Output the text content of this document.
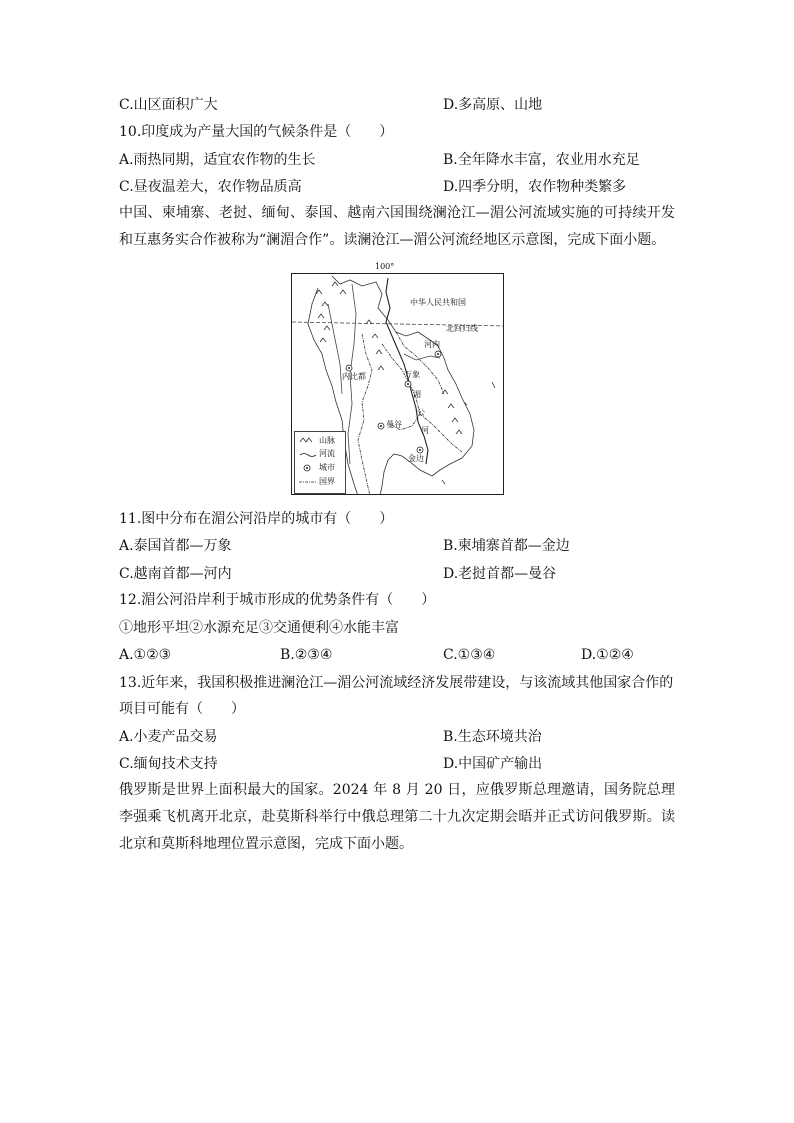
C.山区面积广大	D.多高原、山地
10.印度成为产量大国的气候条件是（　　）
A.雨热同期，适宜农作物的生长	B.全年降水丰富，农业用水充足
C.昼夜温差大，农作物品质高	D.四季分明，农作物种类繁多
中国、柬埔寨、老挝、缅甸、泰国、越南六国围绕澜沧江—湄公河流域实施的可持续开发和互惠务实合作被称为“澜湄合作”。读澜沧江—湄公河流经地区示意图，完成下面小题。
100°
中华人民共和国
北回归线
河内
内比都	万象
湄
公
河
曼谷
金边
山脉
河流
城市
国界
11.图中分布在湄公河沿岸的城市有（　　）
A.泰国首都—万象	B.柬埔寨首都—金边
C.越南首都—河内	D.老挝首都—曼谷
12.湄公河沿岸利于城市形成的优势条件有（　　）
①地形平坦②水源充足③交通便利④水能丰富
A.①②③	B.②③④	C.①③④	D.①②④
13.近年来，我国积极推进澜沧江—湄公河流域经济发展带建设，与该流域其他国家合作的
项目可能有（　　）
A.小麦产品交易	B.生态环境共治
C.缅甸技术支持	D.中国矿产输出
俄罗斯是世界上面积最大的国家。2024 年 8 月 20 日，应俄罗斯总理邀请，国务院总理李强乘飞机离开北京，赴莫斯科举行中俄总理第二十九次定期会晤并正式访问俄罗斯。读北京和莫斯科地理位置示意图，完成下面小题。
